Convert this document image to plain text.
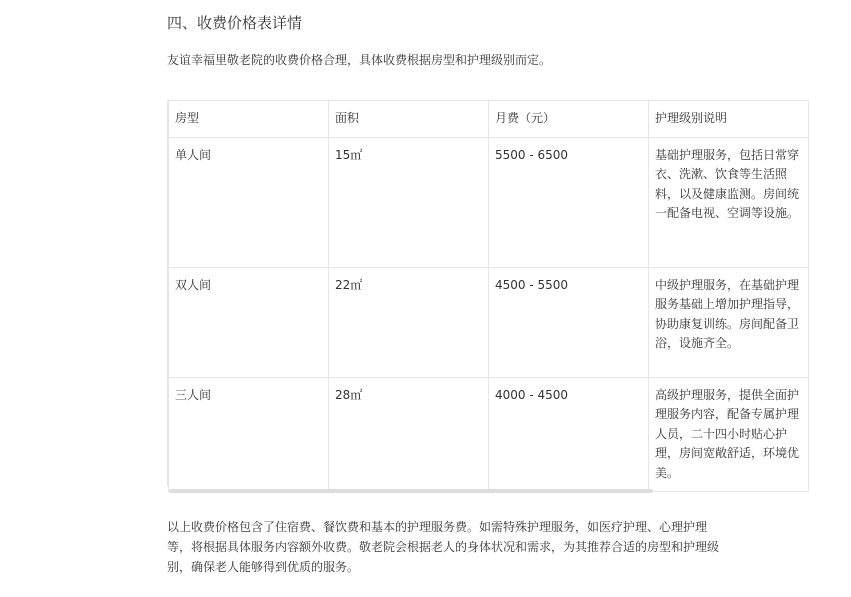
四、收费价格表详情

友谊幸福里敬老院的收费价格合理，具体收费根据房型和护理级别而定。

房型	面积	月费（元）	护理级别说明
单人间	15㎡	5500 - 6500	基础护理服务，包括日常穿衣、洗漱、饮食等生活照料，以及健康监测。房间统一配备电视、空调等设施。
双人间	22㎡	4500 - 5500	中级护理服务，在基础护理服务基础上增加护理指导，协助康复训练。房间配备卫浴，设施齐全。
三人间	28㎡	4000 - 4500	高级护理服务，提供全面护理服务内容，配备专属护理人员，二十四小时贴心护理，房间宽敞舒适，环境优美。

以上收费价格包含了住宿费、餐饮费和基本的护理服务费。如需特殊护理服务，如医疗护理、心理护理等，将根据具体服务内容额外收费。敬老院会根据老人的身体状况和需求，为其推荐合适的房型和护理级别，确保老人能够得到优质的服务。
